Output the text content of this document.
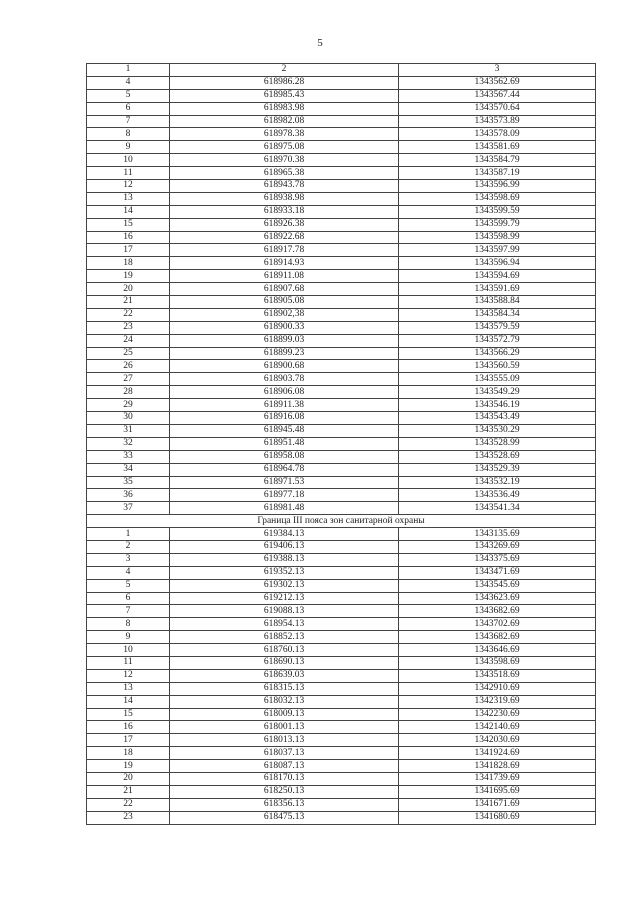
5
1	2	3
4	618986.28	1343562.69
5	618985.43	1343567.44
6	618983.98	1343570.64
7	618982.08	1343573.89
8	618978.38	1343578.09
9	618975.08	1343581.69
10	618970.38	1343584.79
11	618965.38	1343587.19
12	618943.78	1343596.99
13	618938.98	1343598.69
14	618933.18	1343599.59
15	618926.38	1343599.79
16	618922.68	1343598.99
17	618917.78	1343597.99
18	618914.93	1343596.94
19	618911.08	1343594.69
20	618907.68	1343591.69
21	618905.08	1343588.84
22	618902,38	1343584.34
23	618900.33	1343579.59
24	618899.03	1343572.79
25	618899.23	1343566.29
26	618900.68	1343560.59
27	618903.78	1343555.09
28	618906.08	1343549.29
29	618911.38	1343546.19
30	618916.08	1343543.49
31	618945.48	1343530.29
32	618951.48	1343528.99
33	618958.08	1343528.69
34	618964.78	1343529.39
35	618971.53	1343532.19
36	618977.18	1343536.49
37	618981.48	1343541.34
Граница III пояса зон санитарной охраны		
1	619384.13	1343135.69
2	619406.13	1343269.69
3	619388.13	1343375.69
4	619352.13	1343471.69
5	619302.13	1343545.69
6	619212.13	1343623.69
7	619088.13	1343682.69
8	618954.13	1343702.69
9	618852.13	1343682.69
10	618760.13	1343646.69
11	618690.13	1343598.69
12	618639.03	1343518.69
13	618315.13	1342910.69
14	618032.13	1342319.69
15	618009.13	1342230.69
16	618001.13	1342140.69
17	618013.13	1342030.69
18	618037.13	1341924.69
19	618087.13	1341828.69
20	618170.13	1341739.69
21	618250.13	1341695.69
22	618356.13	1341671.69
23	618475.13	1341680.69
